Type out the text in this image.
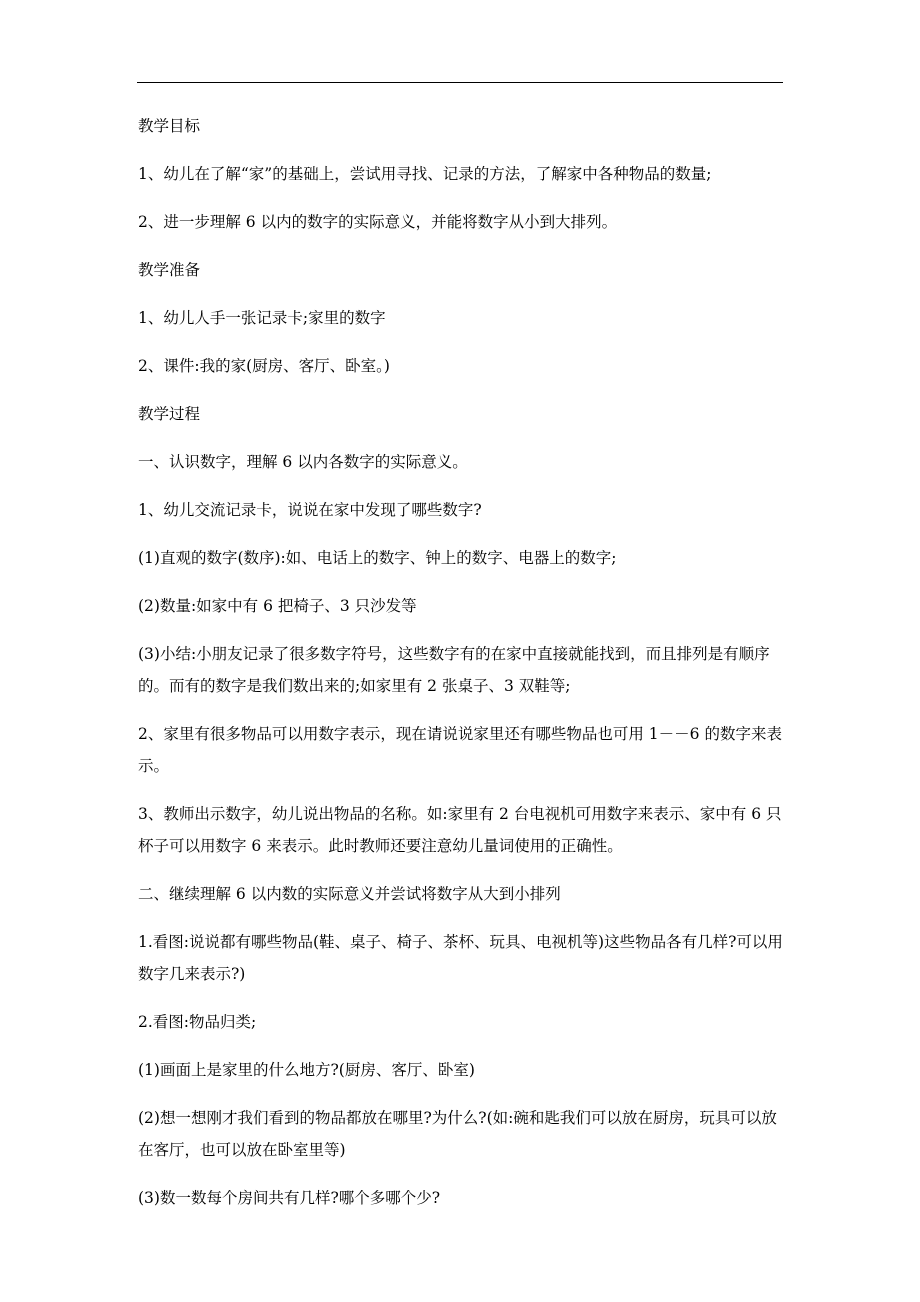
教学目标

1、幼儿在了解“家”的基础上，尝试用寻找、记录的方法，了解家中各种物品的数量;

2、进一步理解 6 以内的数字的实际意义，并能将数字从小到大排列。

教学准备

1、幼儿人手一张记录卡;家里的数字

2、课件:我的家(厨房、客厅、卧室。)

教学过程

一、认识数字，理解 6 以内各数字的实际意义。

1、幼儿交流记录卡，说说在家中发现了哪些数字?

(1)直观的数字(数序):如、电话上的数字、钟上的数字、电器上的数字;

(2)数量:如家中有 6 把椅子、3 只沙发等

(3)小结:小朋友记录了很多数字符号，这些数字有的在家中直接就能找到，而且排列是有顺序的。而有的数字是我们数出来的;如家里有 2 张桌子、3 双鞋等;

2、家里有很多物品可以用数字表示，现在请说说家里还有哪些物品也可用 1－－6 的数字来表示。

3、教师出示数字，幼儿说出物品的名称。如:家里有 2 台电视机可用数字来表示、家中有 6 只杯子可以用数字 6 来表示。此时教师还要注意幼儿量词使用的正确性。

二、继续理解 6 以内数的实际意义并尝试将数字从大到小排列

1.看图:说说都有哪些物品(鞋、桌子、椅子、茶杯、玩具、电视机等)这些物品各有几样?可以用数字几来表示?)

2.看图:物品归类;

(1)画面上是家里的什么地方?(厨房、客厅、卧室)

(2)想一想刚才我们看到的物品都放在哪里?为什么?(如:碗和匙我们可以放在厨房，玩具可以放在客厅，也可以放在卧室里等)

(3)数一数每个房间共有几样?哪个多哪个少?
